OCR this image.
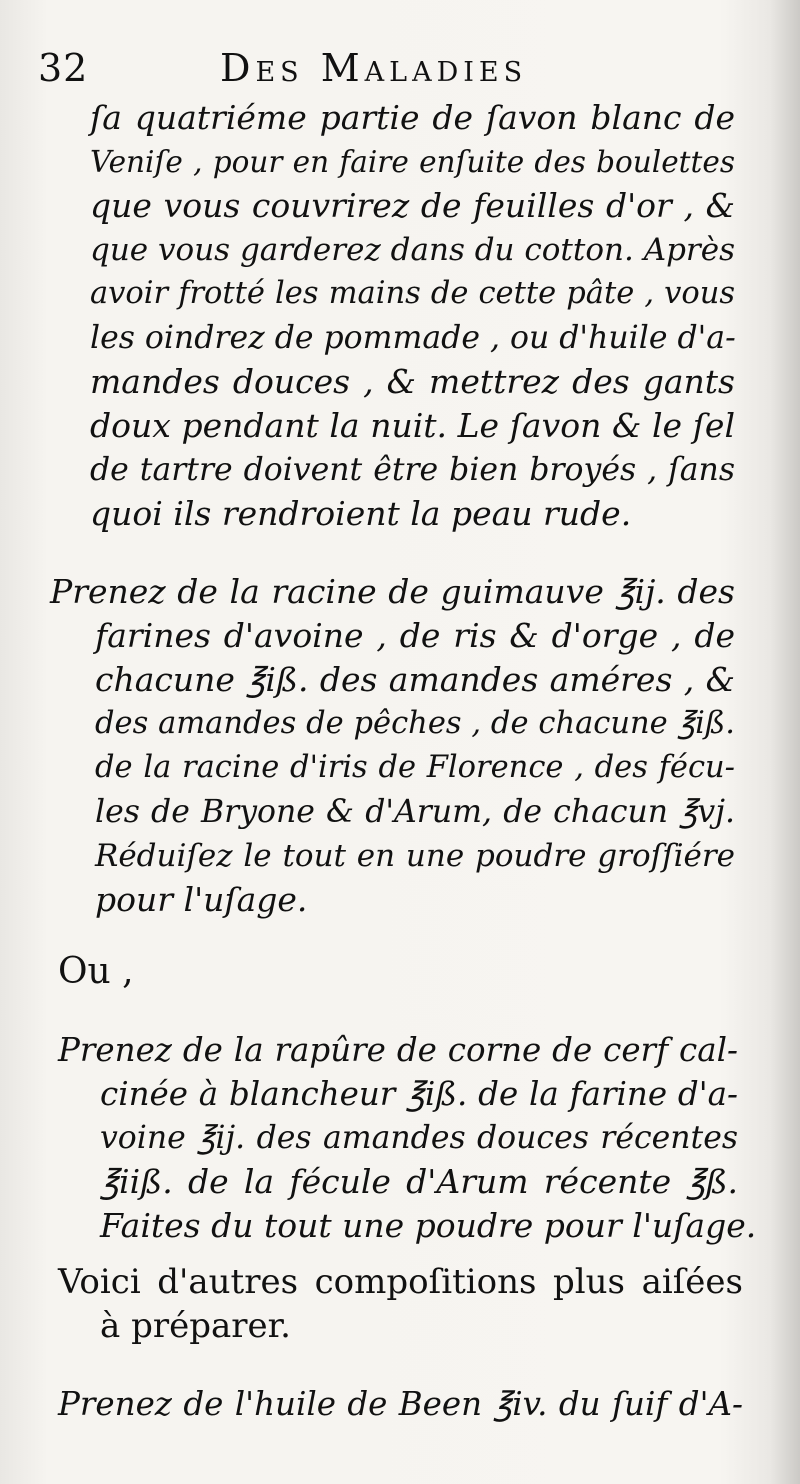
32	Des Maladies
ſa quatriéme partie de ſavon blanc de
Veniſe , pour en faire enſuite des boulettes
que vous couvrirez de feuilles d'or , &
que vous garderez dans du cotton. Après
avoir frotté les mains de cette pâte , vous
les oindrez de pommade , ou d'huile d'a-
mandes douces , & mettrez des gants
doux pendant la nuit. Le ſavon & le ſel
de tartre doivent être bien broyés , ſans
quoi ils rendroient la peau rude.
Prenez de la racine de guimauve ℥ij. des
farines d'avoine , de ris & d'orge , de
chacune ℥iß. des amandes améres , &
des amandes de pêches , de chacune ℥iß.
de la racine d'iris de Florence , des fécu-
les de Bryone & d'Arum, de chacun ℥vj.
Réduiſez le tout en une poudre groſſiére
pour l'uſage.
Ou ,
Prenez de la rapûre de corne de cerf cal-
cinée à blancheur ℥iß. de la farine d'a-
voine ℥ij. des amandes douces récentes
℥iiß. de la fécule d'Arum récente ℥ß.
Faites du tout une poudre pour l'uſage.
Voici d'autres compoſitions plus aiſées
à préparer.
Prenez de l'huile de Been ℥iv. du ſuif d'A-
